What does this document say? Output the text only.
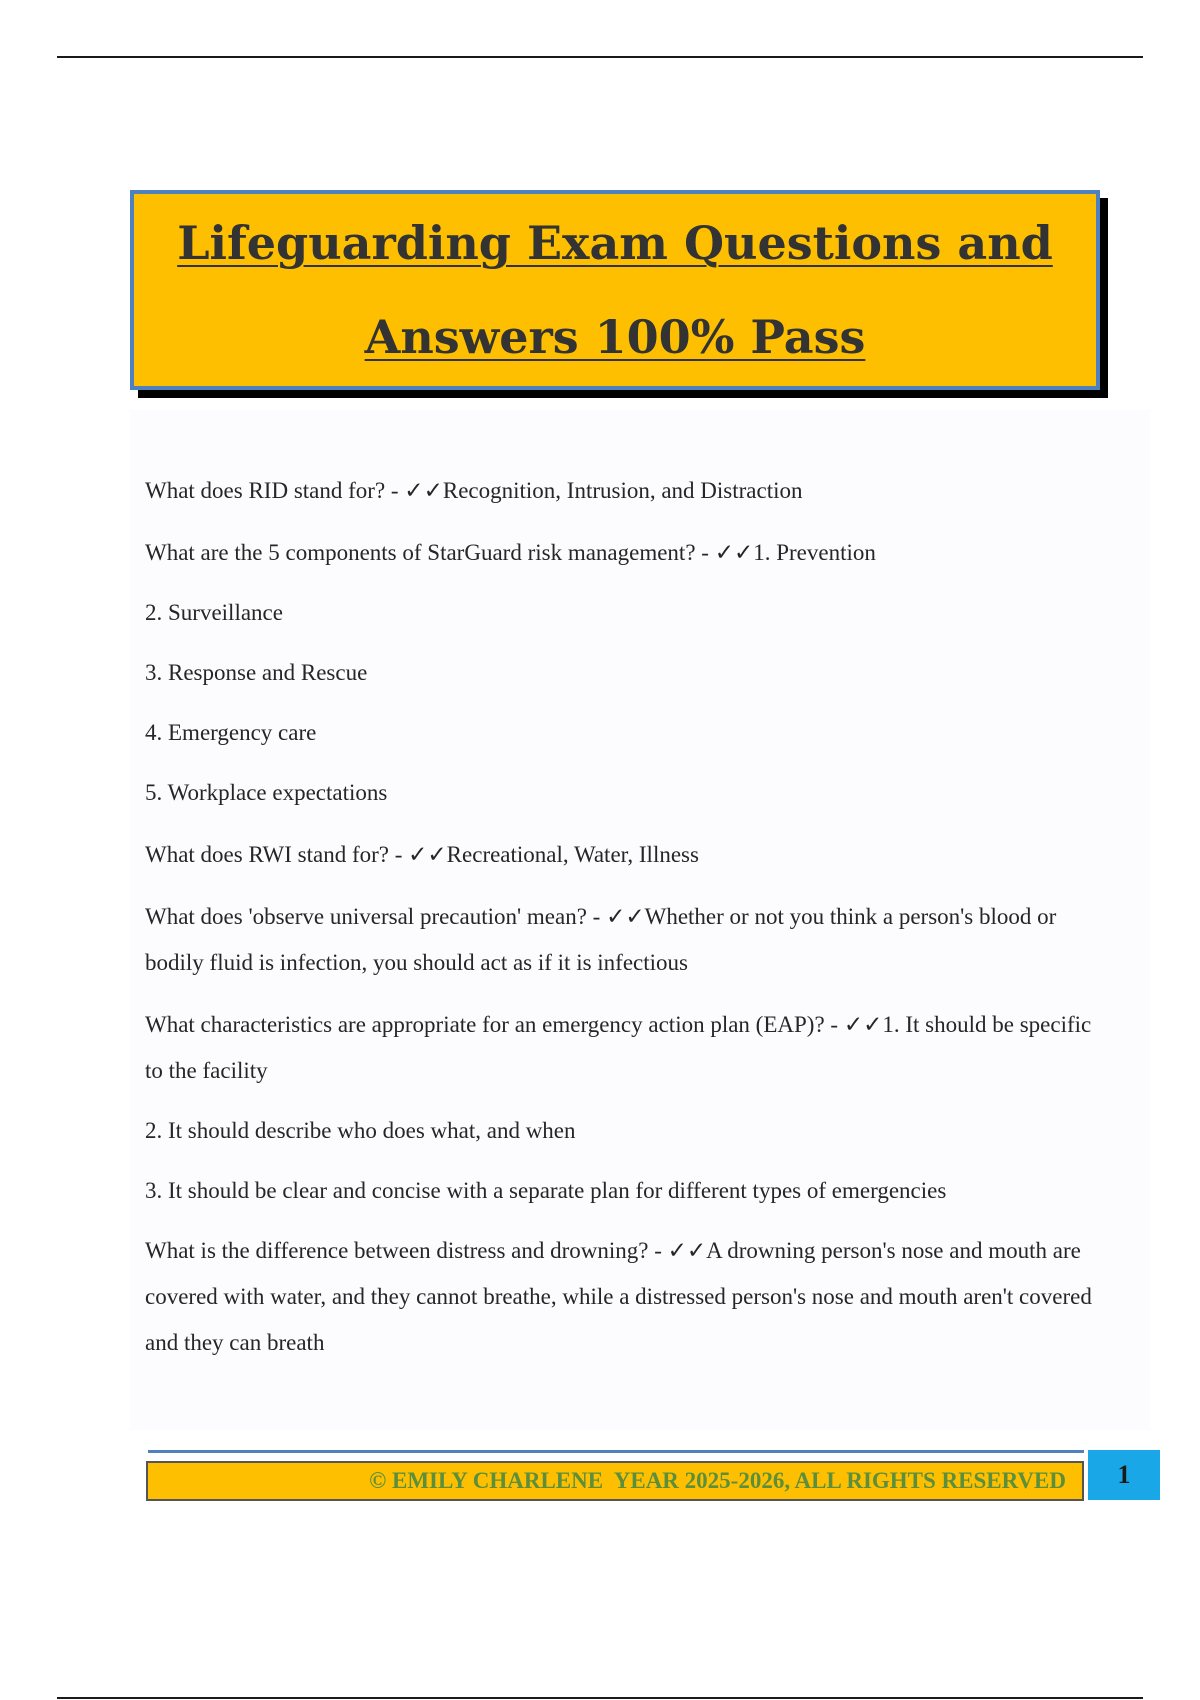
Lifeguarding Exam Questions and
Answers 100% Pass

What does RID stand for? - ✓✓Recognition, Intrusion, and Distraction

What are the 5 components of StarGuard risk management? - ✓✓1. Prevention

2. Surveillance

3. Response and Rescue

4. Emergency care

5. Workplace expectations

What does RWI stand for? - ✓✓Recreational, Water, Illness

What does 'observe universal precaution' mean? - ✓✓Whether or not you think a person's blood or bodily fluid is infection, you should act as if it is infectious

What characteristics are appropriate for an emergency action plan (EAP)? - ✓✓1. It should be specific to the facility

2. It should describe who does what, and when

3. It should be clear and concise with a separate plan for different types of emergencies

What is the difference between distress and drowning? - ✓✓A drowning person's nose and mouth are covered with water, and they cannot breathe, while a distressed person's nose and mouth aren't covered and they can breath

© EMILY CHARLENE  YEAR 2025-2026, ALL RIGHTS RESERVED 1
